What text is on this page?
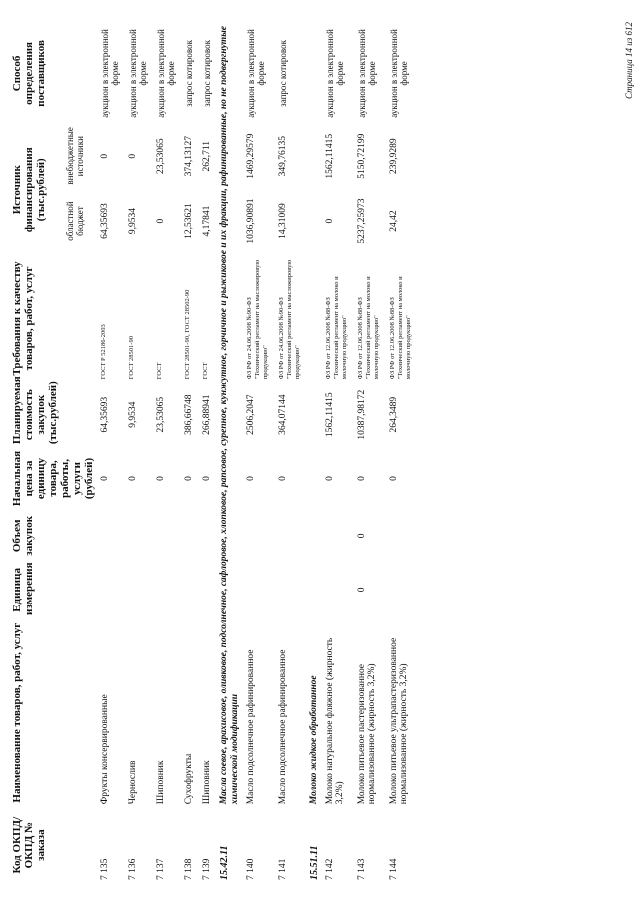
Код ОКПД/ ОКПД № заказа	Наименование товаров, работ, услуг	Единица измерения	Объем закупок	Начальная цена за единицу товара, работы, услуги (рублей)	Планируемая стоимость закупок (тыс.рублей)	Требования к качеству товаров, работ, услуг	Источник финансирования (тыс.рублей)		Способ определения поставщиков
							областной бюджет	внебюджетные источники	
7 135	Фрукты консервированные			0	64,35693	ГОСТ Р 52186-2003	64,35693	0	аукцион в электронной форме
7 136	Чернослив			0	9,9534	ГОСТ 28501-90	9,9534	0	аукцион в электронной форме
7 137	Шиповник			0	23,53065	ГОСТ	0	23,53065	аукцион в электронной форме
7 138	Сухофрукты			0	386,66748	ГОСТ 28501-90, ГОСТ 28502-90	12,53621	374,13127	запрос котировок
7 139	Шиповник			0	266,88941	ГОСТ	4,17841	262,711	запрос котировок
15.42.11	Масла соевое, арахисовое, оливковое, подсолнечное, сафлоровое, хлопковое, рапсовое, сурепное, кунжутное, горчичное и рыжиковое и их фракции, рафинированные, но не подвергнутые химической модификации								
7 140	Масло подсолнечное рафинированное			0	2506,2047	ФЗ РФ от 24.06.2008 №90-ФЗ "Технический регламент на масложировую продукцию"	1036,90891	1469,29579	аукцион в электронной форме
7 141	Масло подсолнечное рафинированное			0	364,07144	ФЗ РФ от 24.06.2008 №90-ФЗ "Технический регламент на масложировую продукцию"	14,31009	349,76135	запрос котировок
15.51.11	Молоко жидкое обработанное								
7 142	Молоко натуральное фляжное (жирность 3,2%)			0	1562,11415	ФЗ РФ от 12.06.2008 №88-ФЗ "Технический регламент на молоко и молочную продукцию"	0	1562,11415	аукцион в электронной форме
7 143	Молоко питьевое пастеризованное нормализованное (жирность 3,2%)	0	0	0	10387,98172	ФЗ РФ от 12.06.2008 №88-ФЗ "Технический регламент на молоко и молочную продукцию"	5237,25973	5150,72199	аукцион в электронной форме
7 144	Молоко питьевое ультрапастеризованное нормализованное (жирность 3,2%)			0	264,3489	ФЗ РФ от 12.06.2008 №88-ФЗ "Технический регламент на молоко и молочную продукцию"	24,42	239,9289	аукцион в электронной форме	Страница 14 из 612
